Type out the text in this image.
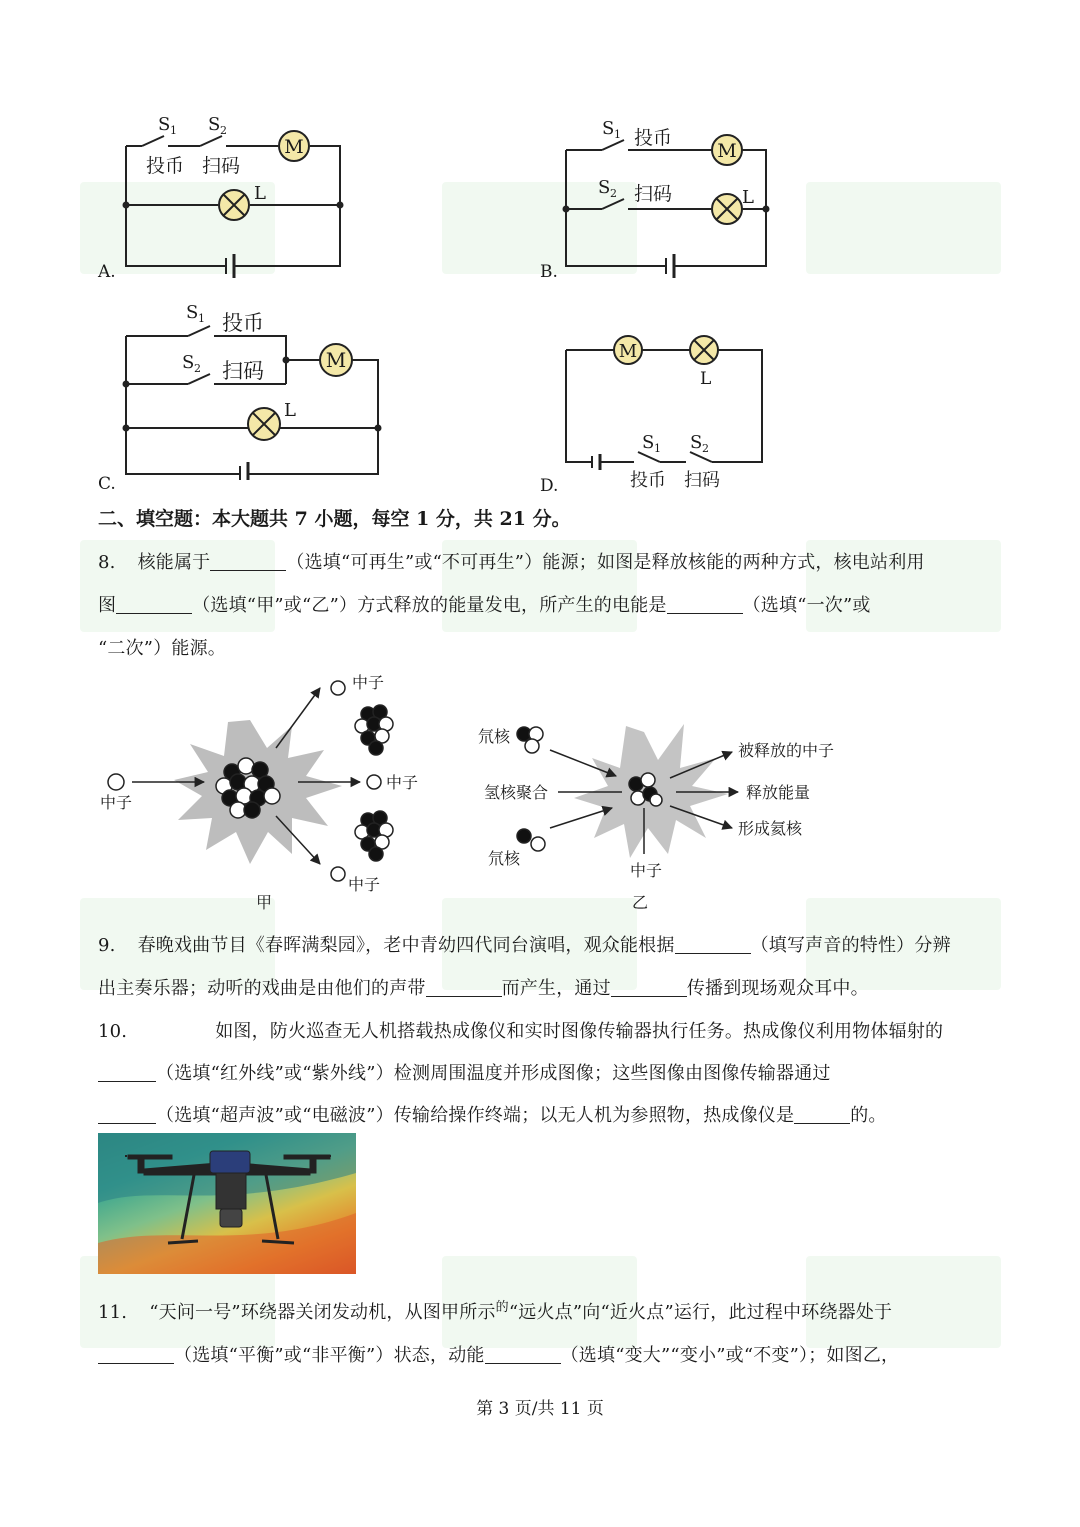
M
L
S 1 S 2
投币 扫码
A.
M
L
S 1 投币
S 2 扫码
B.
M
L
S 1 投币
S 2 扫码
C.
M
L
S 1 S 2
投币 扫码
D.
二、填空题：本大题共 7 小题，每空 1 分，共 21 分。
8. 核能属于	（选填“可再生”或“不可再生”）能源；如图是释放核能的两种方式，核电站利用
图	（选填“甲”或“乙”）方式释放的能量发电，所产生的电能是	（选填“一次”或
“二次”）能源。
中子
中子
中子
中子
甲
氘核
氢核聚合
氘核
被释放的中子
释放能量
形成氦核
中子
乙
9. 春晚戏曲节目《春晖满梨园》，老中青幼四代同台演唱，观众能根据	（填写声音的特性）分辨
出主奏乐器；动听的戏曲是由他们的声带	而产生，通过	传播到现场观众耳中。
10.	如图，防火巡查无人机搭载热成像仪和实时图像传输器执行任务。热成像仪利用物体辐射的
（选填“红外线”或“紫外线”）检测周围温度并形成图像；这些图像由图像传输器通过
（选填“超声波”或“电磁波”）传输给操作终端；以无人机为参照物，热成像仪是	的。
11. “天问一号”环绕器关闭发动机，从图甲所示$^的$“远火点”向“近火点”运行，此过程中环绕器处于
（选填“平衡”或“非平衡”）状态，动能	（选填“变大”“变小”或“不变”）；如图乙，
第 3 页/共 11 页
